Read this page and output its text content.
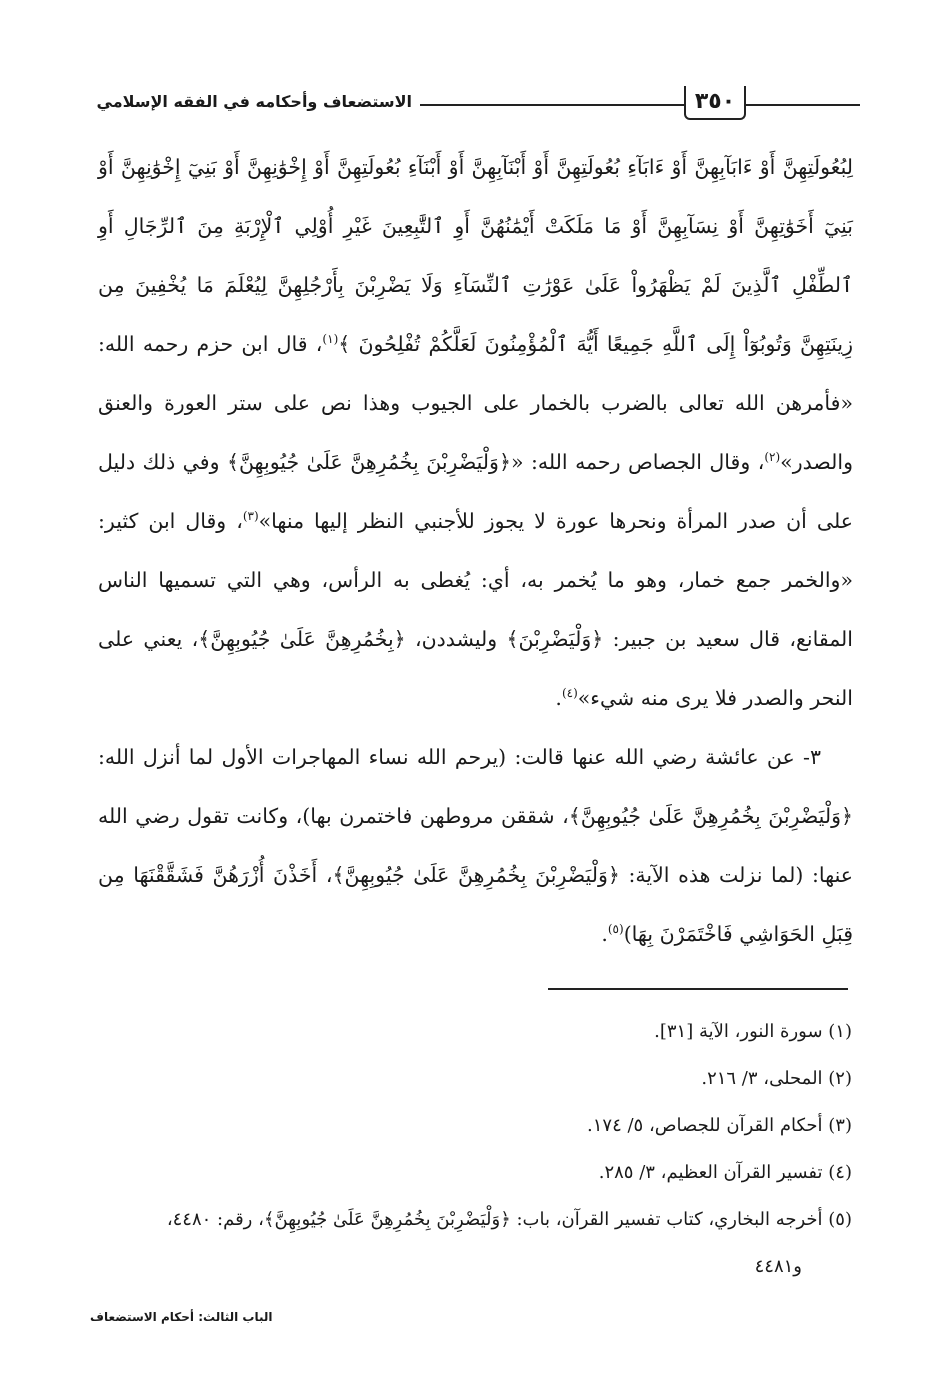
٣٥٠
الاستضعاف وأحكامه في الفقه الإسلامي

لِبُعُولَتِهِنَّ أَوْ ءَابَآبِهِنَّ أَوْ ءَابَآءِ بُعُولَتِهِنَّ أَوْ أَبْنَآبِهِنَّ أَوْ أَبْنَآءِ بُعُولَتِهِنَّ أَوْ إِخْوَٰنِهِنَّ أَوْ بَنِيٓ إِخْوَٰنِهِنَّ أَوْ بَنِيٓ أَخَوَٰتِهِنَّ أَوْ نِسَآبِهِنَّ أَوْ مَا مَلَكَتْ أَيْمَٰنُهُنَّ أَوِ ٱلتَّٰبِعِينَ غَيْرِ أُوْلِي ٱلْإِرْبَةِ مِنَ ٱلرِّجَالِ أَوِ ٱلطِّفْلِ ٱلَّذِينَ لَمْ يَظْهَرُواْ عَلَىٰ عَوْرَٰتِ ٱلنِّسَآءِ وَلَا يَضْرِبْنَ بِأَرْجُلِهِنَّ لِيُعْلَمَ مَا يُخْفِينَ مِن زِينَتِهِنَّ وَتُوبُوٓاْ إِلَى ٱللَّهِ جَمِيعًا أَيُّهَ ٱلْمُؤْمِنُونَ لَعَلَّكُمْ تُفْلِحُونَ ﴾$^{(١)}$، قال ابن حزم رحمه الله: «فأمرهن الله تعالى بالضرب بالخمار على الجيوب وهذا نص على ستر العورة والعنق والصدر»$^{(٢)}$، وقال الجصاص رحمه الله: «﴿وَلْيَضْرِبْنَ بِخُمُرِهِنَّ عَلَىٰ جُيُوبِهِنَّ﴾ وفي ذلك دليل على أن صدر المرأة ونحرها عورة لا يجوز للأجنبي النظر إليها منها»$^{(٣)}$، وقال ابن كثير: «والخمر جمع خمار، وهو ما يُخمر به، أي: يُغطى به الرأس، وهي التي تسميها الناس المقانع، قال سعيد بن جبير: ﴿وَلْيَضْرِبْنَ﴾ وليشددن، ﴿بِخُمُرِهِنَّ عَلَىٰ جُيُوبِهِنَّ﴾، يعني على النحر والصدر فلا يرى منه شيء»$^{(٤)}$.

٣- عن عائشة رضي الله عنها قالت: (يرحم الله نساء المهاجرات الأول لما أنزل الله: ﴿وَلْيَضْرِبْنَ بِخُمُرِهِنَّ عَلَىٰ جُيُوبِهِنَّ﴾، شققن مروطهن فاختمرن بها)، وكانت تقول رضي الله عنها: (لما نزلت هذه الآية: ﴿وَلْيَضْرِبْنَ بِخُمُرِهِنَّ عَلَىٰ جُيُوبِهِنَّ﴾، أَخَذْنَ أُزْرَهُنَّ فَشَقَّقْنَهَا مِن قِبَلِ الحَوَاشِي فَاخْتَمَرْنَ بِهَا)$^{(٥)}$.

(١) سورة النور، الآية [٣١].

(٢) المحلى، ٣/ ٢١٦.

(٣) أحكام القرآن للجصاص، ٥/ ١٧٤.

(٤) تفسير القرآن العظيم، ٣/ ٢٨٥.

(٥) أخرجه البخاري، كتاب تفسير القرآن، باب: ﴿وَلْيَضْرِبْنَ بِخُمُرِهِنَّ عَلَىٰ جُيُوبِهِنَّ﴾، رقم: ٤٤٨٠،

و٤٤٨١

الباب الثالث: أحكام الاستضعاف
